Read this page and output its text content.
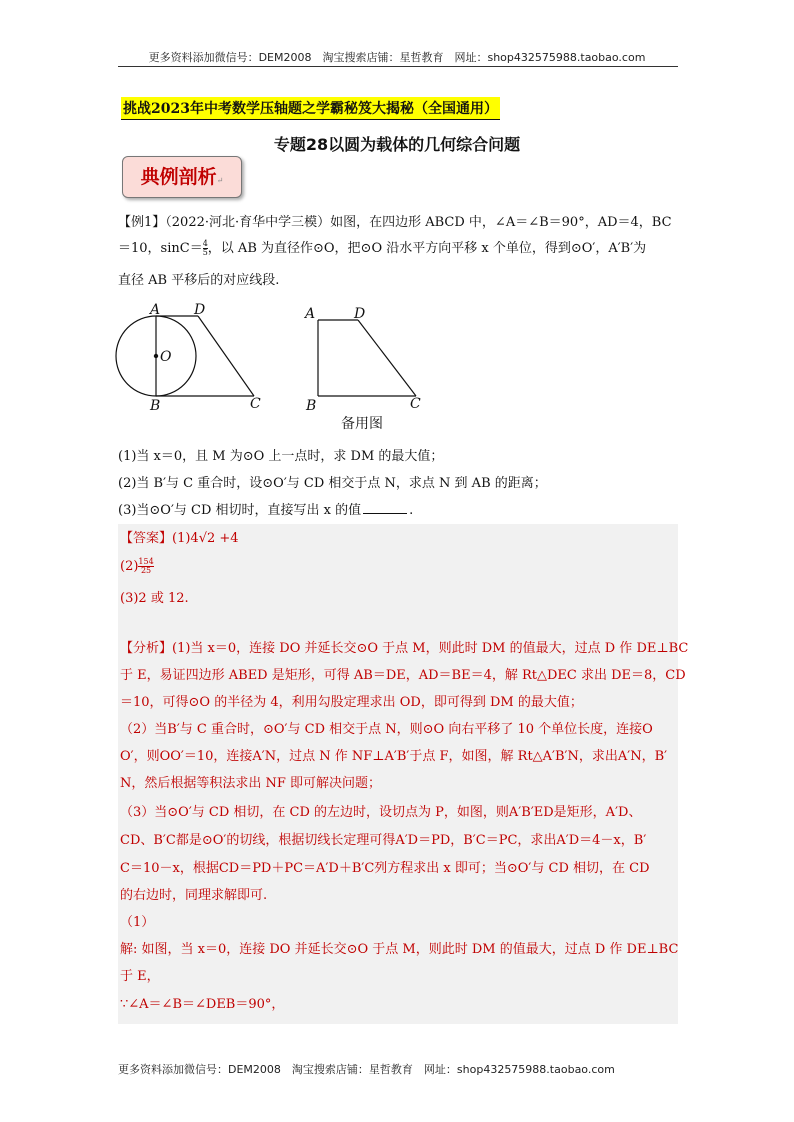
更多资料添加微信号：DEM2008　淘宝搜索店铺：星哲教育　网址：shop432575988.taobao.com
挑战2023年中考数学压轴题之学霸秘笈大揭秘（全国通用）
专题28以圆为载体的几何综合问题
典例剖析↵
【例1】（2022·河北·育华中学三模）如图，在四边形 ABCD 中，∠A＝∠B＝90°，AD＝4，BC
＝10，$\sin C= \frac{4}{5}$ ，以 AB 为直径作⊙O，把⊙O 沿水平方向平移 x 个单位，得到⊙O′，A′B′为
直径 AB 平移后的对应线段.
A D
O
B	C
A	D
B	C
备用图
(1)当 x＝0，且 M 为⊙O 上一点时，求 DM 的最大值；
(2)当 B′与 C 重合时，设⊙O′与 CD 相交于点 N，求点 N 到 AB 的距离；
(3)当⊙O′与 CD 相切时，直接写出 x 的值	.
【答案】(1)4√2 +4
$(2) \frac{154}{25}$
(3)2 或 12.
【分析】(1)当 x＝0，连接 DO 并延长交⊙O 于点 M，则此时 DM 的值最大，过点 D 作 DE⊥BC
于 E，易证四边形 ABED 是矩形，可得 AB＝DE，AD＝BE＝4，解 Rt△DEC 求出 DE＝8，CD
＝10，可得⊙O 的半径为 4，利用勾股定理求出 OD，即可得到 DM 的最大值；
（2）当B′与 C 重合时，⊙O′与 CD 相交于点 N，则⊙O 向右平移了 10 个单位长度，连接O
O′，则OO′＝10，连接A′N，过点 N 作 NF⊥A′B′于点 F，如图，解 Rt△A′B′N，求出A′N，B′
N，然后根据等积法求出 NF 即可解决问题；
（3）当⊙O′与 CD 相切，在 CD 的左边时，设切点为 P，如图，则A′B′ED是矩形，A′D、
CD、B′C都是⊙O′的切线，根据切线长定理可得A′D＝PD，B′C＝PC，求出A′D＝4－x，B′
C＝10－x，根据CD＝PD＋PC＝A′D＋B′C列方程求出 x 即可；当⊙O′与 CD 相切，在 CD
的右边时，同理求解即可.
（1）
解: 如图，当 x＝0，连接 DO 并延长交⊙O 于点 M，则此时 DM 的值最大，过点 D 作 DE⊥BC
于 E，
∵∠A＝∠B＝∠DEB＝90°，
更多资料添加微信号：DEM2008　淘宝搜索店铺：星哲教育　网址：shop432575988.taobao.com
